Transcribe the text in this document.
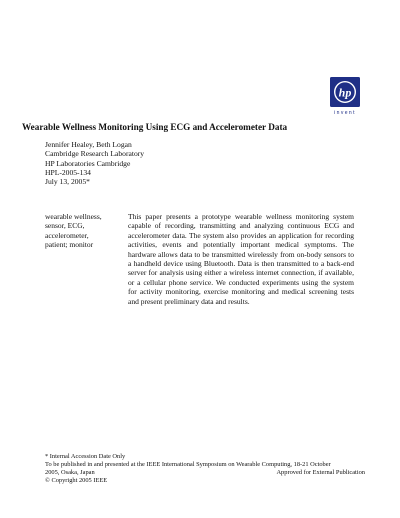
hp
invent
Wearable Wellness Monitoring Using ECG and Accelerometer Data
Jennifer Healey, Beth Logan
Cambridge Research Laboratory
HP Laboratories Cambridge
HPL-2005-134
July 13, 2005*
wearable wellness,
sensor, ECG,
accelerometer,
patient; monitor
This paper presents a prototype wearable wellness monitoring system capable of recording, transmitting and analyzing continuous ECG and accelerometer data. The system also provides an application for recording activities, events and potentially important medical symptoms. The hardware allows data to be transmitted wirelessly from on-body sensors to a handheld device using Bluetooth. Data is then transmitted to a back-end server for analysis using either a wireless internet connection, if available, or a cellular phone service. We conducted experiments using the system for activity monitoring, exercise monitoring and medical screening tests and present preliminary data and results.
* Internal Accession Date Only
To be published in and presented at the IEEE International Symposium on Wearable Computing, 18-21 October
2005, Osaka, Japan	Approved for External Publication
© Copyright 2005 IEEE
